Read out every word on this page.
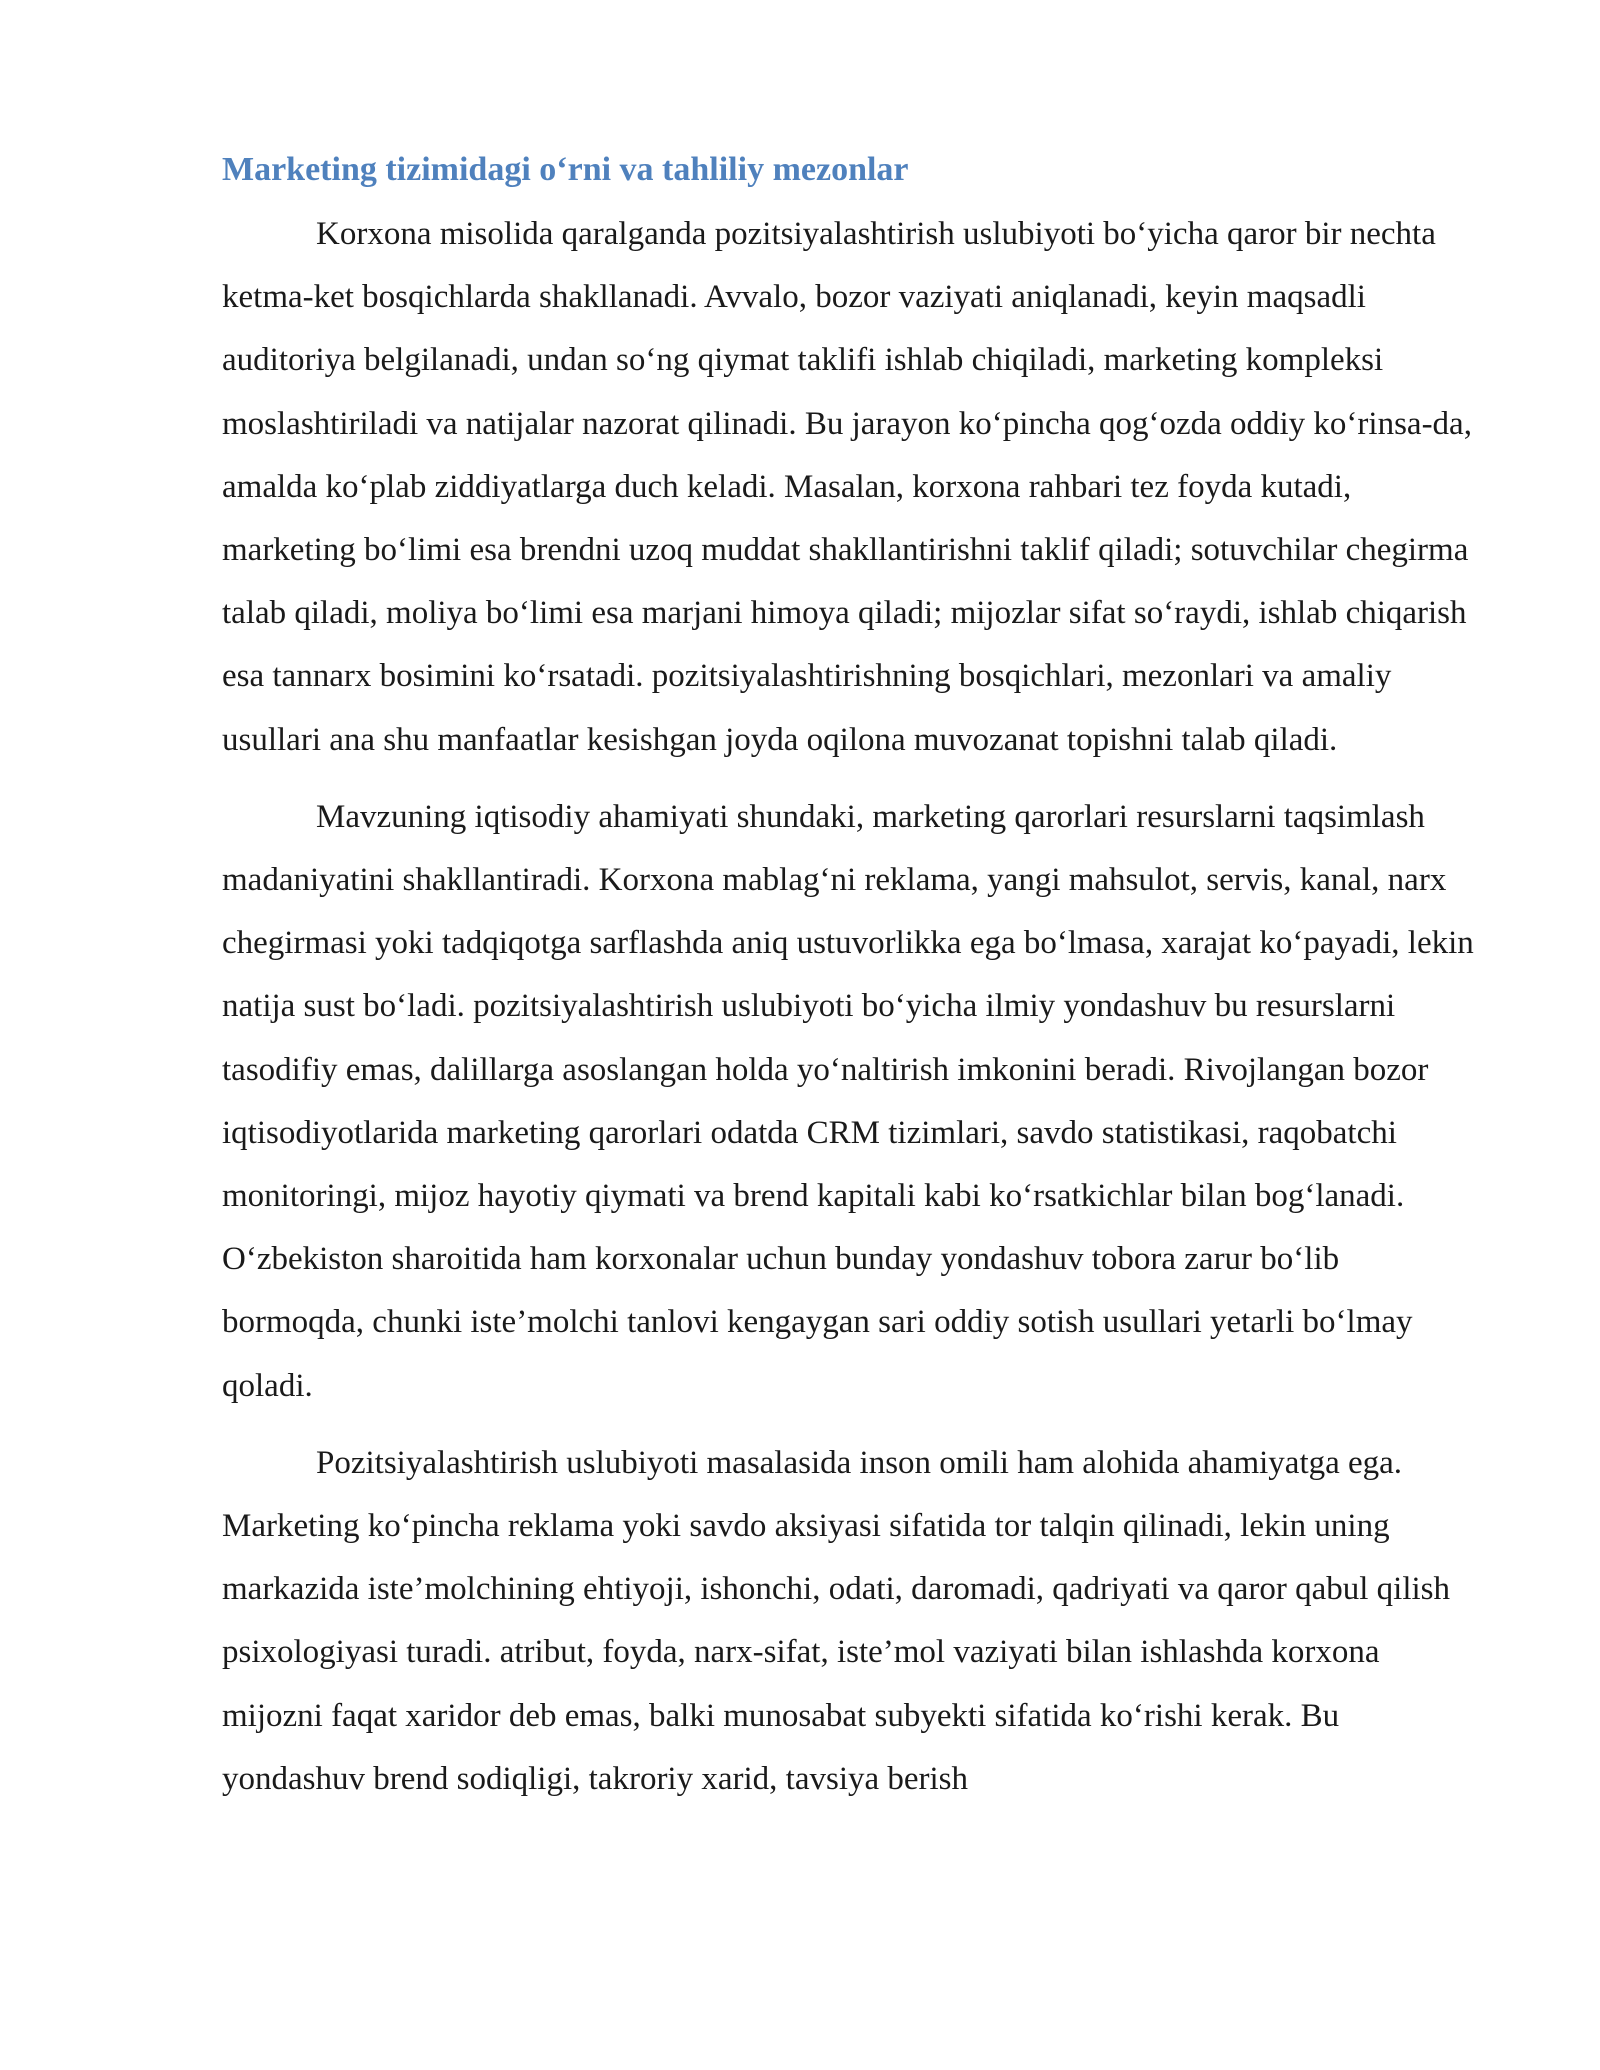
Marketing tizimidagi o‘rni va tahliliy mezonlar

Korxona misolida qaralganda pozitsiyalashtirish uslubiyoti bo‘yicha qaror bir nechta ketma-ket bosqichlarda shakllanadi. Avvalo, bozor vaziyati aniqlanadi, keyin maqsadli auditoriya belgilanadi, undan so‘ng qiymat taklifi ishlab chiqiladi, marketing kompleksi moslashtiriladi va natijalar nazorat qilinadi. Bu jarayon ko‘pincha qog‘ozda oddiy ko‘rinsa-da, amalda ko‘plab ziddiyatlarga duch keladi. Masalan, korxona rahbari tez foyda kutadi, marketing bo‘limi esa brendni uzoq muddat shakllantirishni taklif qiladi; sotuvchilar chegirma talab qiladi, moliya bo‘limi esa marjani himoya qiladi; mijozlar sifat so‘raydi, ishlab chiqarish esa tannarx bosimini ko‘rsatadi. pozitsiyalashtirishning bosqichlari, mezonlari va amaliy usullari ana shu manfaatlar kesishgan joyda oqilona muvozanat topishni talab qiladi.

Mavzuning iqtisodiy ahamiyati shundaki, marketing qarorlari resurslarni taqsimlash madaniyatini shakllantiradi. Korxona mablag‘ni reklama, yangi mahsulot, servis, kanal, narx chegirmasi yoki tadqiqotga sarflashda aniq ustuvorlikka ega bo‘lmasa, xarajat ko‘payadi, lekin natija sust bo‘ladi. pozitsiyalashtirish uslubiyoti bo‘yicha ilmiy yondashuv bu resurslarni tasodifiy emas, dalillarga asoslangan holda yo‘naltirish imkonini beradi. Rivojlangan bozor iqtisodiyotlarida marketing qarorlari odatda CRM tizimlari, savdo statistikasi, raqobatchi monitoringi, mijoz hayotiy qiymati va brend kapitali kabi ko‘rsatkichlar bilan bog‘lanadi. O‘zbekiston sharoitida ham korxonalar uchun bunday yondashuv tobora zarur bo‘lib bormoqda, chunki iste’molchi tanlovi kengaygan sari oddiy sotish usullari yetarli bo‘lmay qoladi.

Pozitsiyalashtirish uslubiyoti masalasida inson omili ham alohida ahamiyatga ega. Marketing ko‘pincha reklama yoki savdo aksiyasi sifatida tor talqin qilinadi, lekin uning markazida iste’molchining ehtiyoji, ishonchi, odati, daromadi, qadriyati va qaror qabul qilish psixologiyasi turadi. atribut, foyda, narx-sifat, iste’mol vaziyati bilan ishlashda korxona mijozni faqat xaridor deb emas, balki munosabat subyekti sifatida ko‘rishi kerak. Bu yondashuv brend sodiqligi, takroriy xarid, tavsiya berish
